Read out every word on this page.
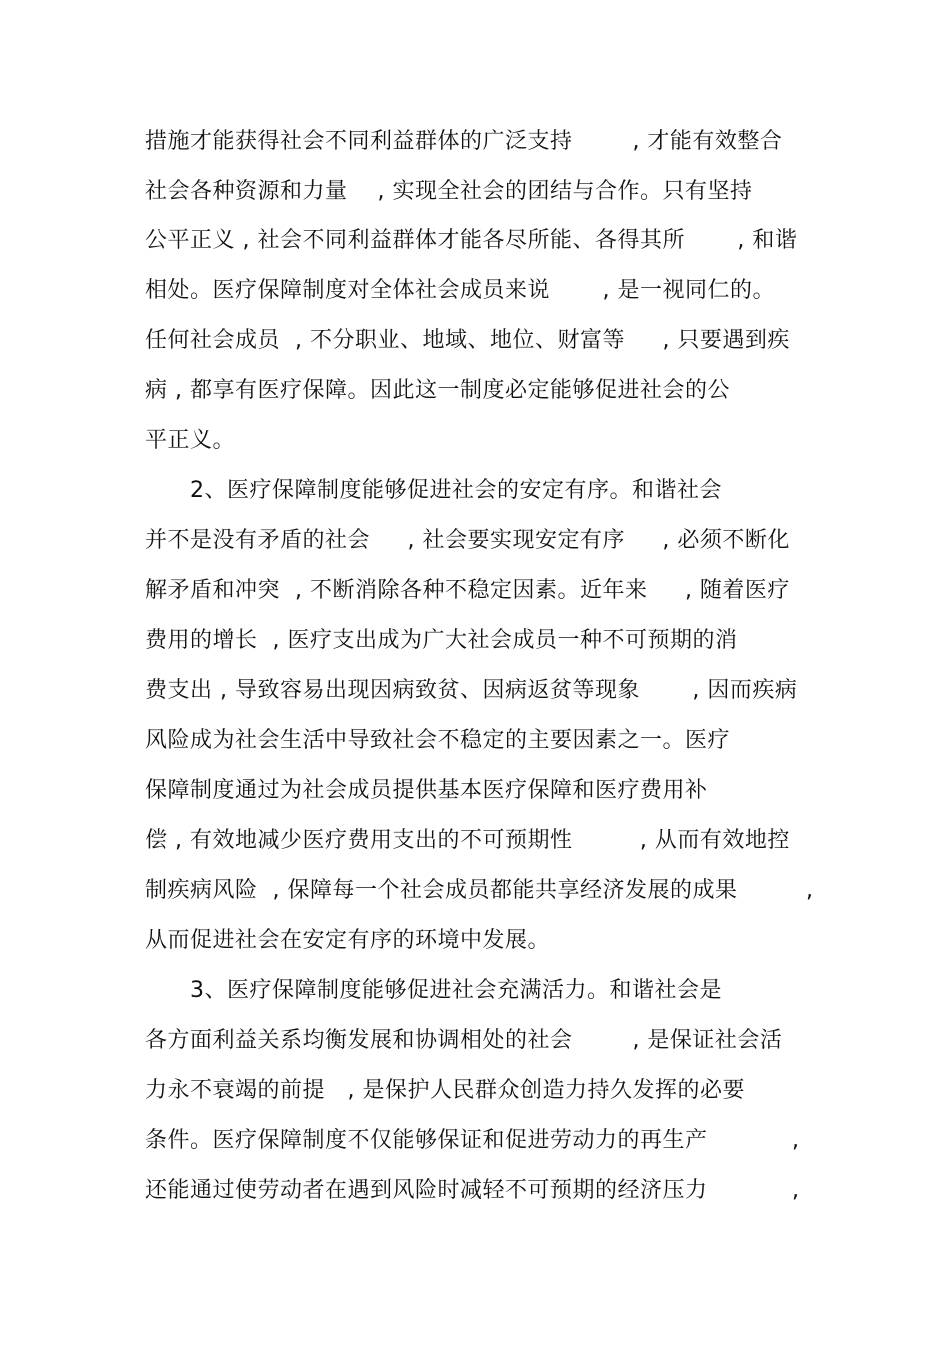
措施才能获得社会不同利益群体的广泛支持        , 才能有效整合
社会各种资源和力量    , 实现全社会的团结与合作。只有坚持
公平正义 , 社会不同利益群体才能各尽所能、各得其所       , 和谐
相处。医疗保障制度对全体社会成员来说       , 是一视同仁的。
任何社会成员  , 不分职业、地域、地位、财富等     , 只要遇到疾
病 , 都享有医疗保障。因此这一制度必定能够促进社会的公
平正义。
2、医疗保障制度能够促进社会的安定有序。和谐社会
并不是没有矛盾的社会     , 社会要实现安定有序     , 必须不断化
解矛盾和冲突  , 不断消除各种不稳定因素。近年来     , 随着医疗
费用的增长  , 医疗支出成为广大社会成员一种不可预期的消
费支出 , 导致容易出现因病致贫、因病返贫等现象       , 因而疾病
风险成为社会生活中导致社会不稳定的主要因素之一。医疗
保障制度通过为社会成员提供基本医疗保障和医疗费用补
偿 , 有效地减少医疗费用支出的不可预期性         , 从而有效地控
制疾病风险  , 保障每一个社会成员都能共享经济发展的成果	,
从而促进社会在安定有序的环境中发展。
3、医疗保障制度能够促进社会充满活力。和谐社会是
各方面利益关系均衡发展和协调相处的社会        , 是保证社会活
力永不衰竭的前提   , 是保护人民群众创造力持久发挥的必要
条件。医疗保障制度不仅能够保证和促进劳动力的再生产	,
还能通过使劳动者在遇到风险时减轻不可预期的经济压力	,
